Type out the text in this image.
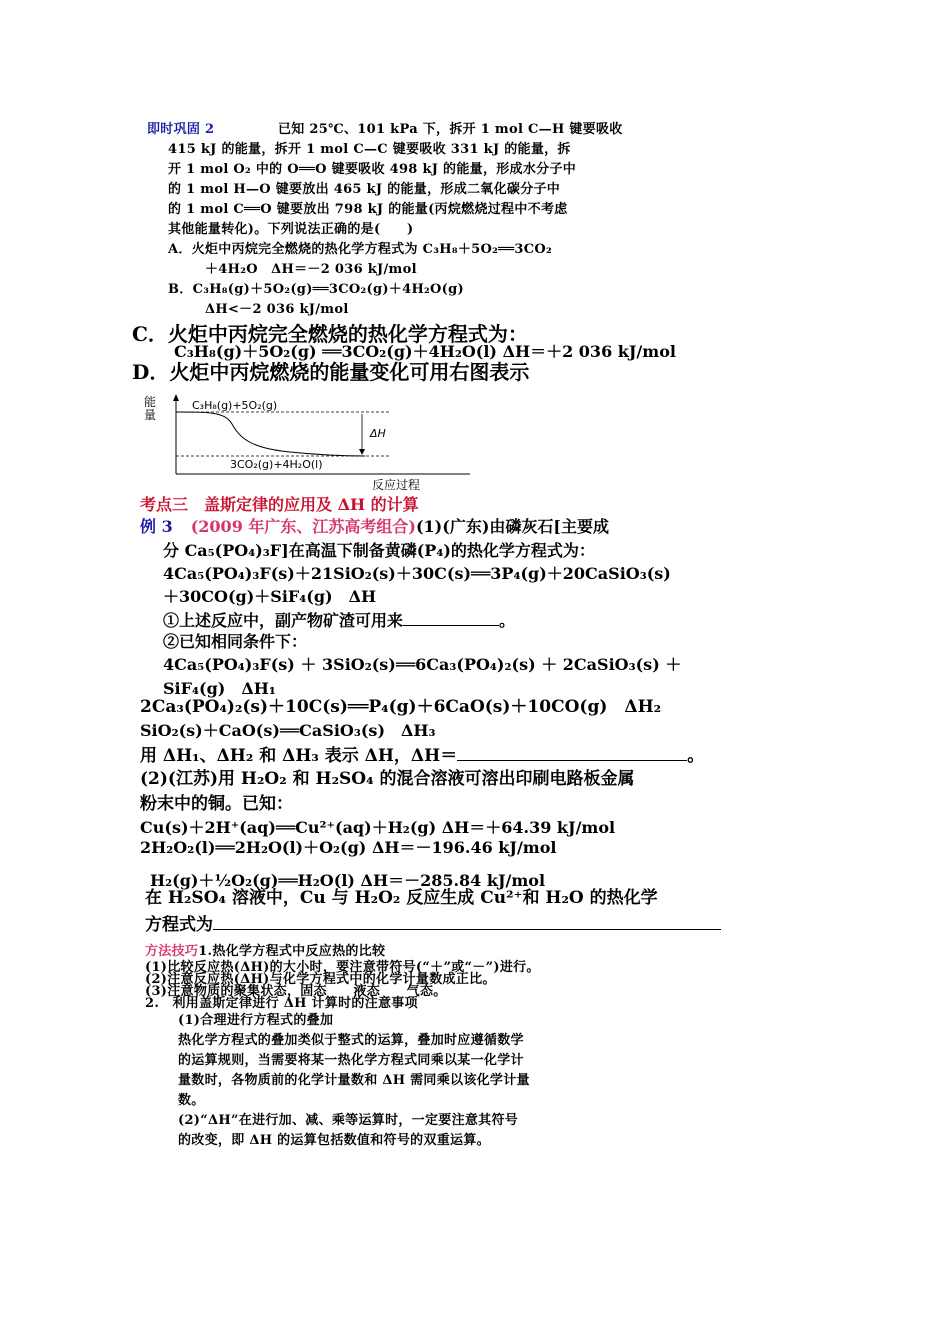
即时巩固 2	已知 25℃、101 kPa 下，拆开 1 mol C—H 键要吸收
415 kJ 的能量，拆开 1 mol C—C 键要吸收 331 kJ 的能量，拆
开 1 mol O₂ 中的 O══O 键要吸收 498 kJ 的能量，形成水分子中
的 1 mol H—O 键要放出 465 kJ 的能量，形成二氧化碳分子中
的 1 mol C══O 键要放出 798 kJ 的能量(丙烷燃烧过程中不考虑
其他能量转化)。下列说法正确的是(　　)
A．火炬中丙烷完全燃烧的热化学方程式为 C₃H₈＋5O₂══3CO₂
＋4H₂O　ΔH＝－2 036 kJ/mol
B．C₃H₈(g)＋5O₂(g)══3CO₂(g)＋4H₂O(g)
ΔH<－2 036 kJ/mol
C．火炬中丙烷完全燃烧的热化学方程式为：
C₃H₈(g)＋5O₂(g) ══3CO₂(g)＋4H₂O(l) ΔH＝＋2 036 kJ/mol
D．火炬中丙烷燃烧的能量变化可用右图表示
能
量
C₃H₈(g)+5O₂(g)
3CO₂(g)+4H₂O(l)
ΔH
反应过程
考点三　盖斯定律的应用及 ΔH 的计算
例 3 (2009 年广东、江苏高考组合)(1)(广东)由磷灰石[主要成
分 Ca₅(PO₄)₃F]在高温下制备黄磷(P₄)的热化学方程式为：
4Ca₅(PO₄)₃F(s)＋21SiO₂(s)＋30C(s)══3P₄(g)＋20CaSiO₃(s)
＋30CO(g)＋SiF₄(g)　ΔH
①上述反应中，副产物矿渣可用来	。
②已知相同条件下：
4Ca₅(PO₄)₃F(s) ＋ 3SiO₂(s)══6Ca₃(PO₄)₂(s) ＋ 2CaSiO₃(s) ＋
SiF₄(g)　ΔH₁
2Ca₃(PO₄)₂(s)＋10C(s)══P₄(g)＋6CaO(s)＋10CO(g)　ΔH₂
SiO₂(s)＋CaO(s)══CaSiO₃(s)　ΔH₃
用 ΔH₁、ΔH₂ 和 ΔH₃ 表示 ΔH，ΔH＝	。
(2)(江苏)用 H₂O₂ 和 H₂SO₄ 的混合溶液可溶出印刷电路板金属
粉末中的铜。已知：
Cu(s)＋2H⁺(aq)══Cu²⁺(aq)＋H₂(g) ΔH＝＋64.39 kJ/mol
2H₂O₂(l)══2H₂O(l)＋O₂(g) ΔH＝－196.46 kJ/mol
H₂(g)＋½O₂(g)══H₂O(l) ΔH＝－285.84 kJ/mol
在 H₂SO₄ 溶液中，Cu 与 H₂O₂ 反应生成 Cu²⁺和 H₂O 的热化学
方程式为
方法技巧1.热化学方程式中反应热的比较
(1)比较反应热(ΔH)的大小时，要注意带符号(“＋”或“－”)进行。
(2)注意反应热(ΔH)与化学方程式中的化学计量数成正比。
(3)注意物质的聚集状态，固态　　液态　　气态。
2.　利用盖斯定律进行 ΔH 计算时的注意事项
(1)合理进行方程式的叠加
热化学方程式的叠加类似于整式的运算，叠加时应遵循数学
的运算规则，当需要将某一热化学方程式同乘以某一化学计
量数时，各物质前的化学计量数和 ΔH 需同乘以该化学计量
数。
(2)“ΔH”在进行加、减、乘等运算时，一定要注意其符号
的改变，即 ΔH 的运算包括数值和符号的双重运算。
